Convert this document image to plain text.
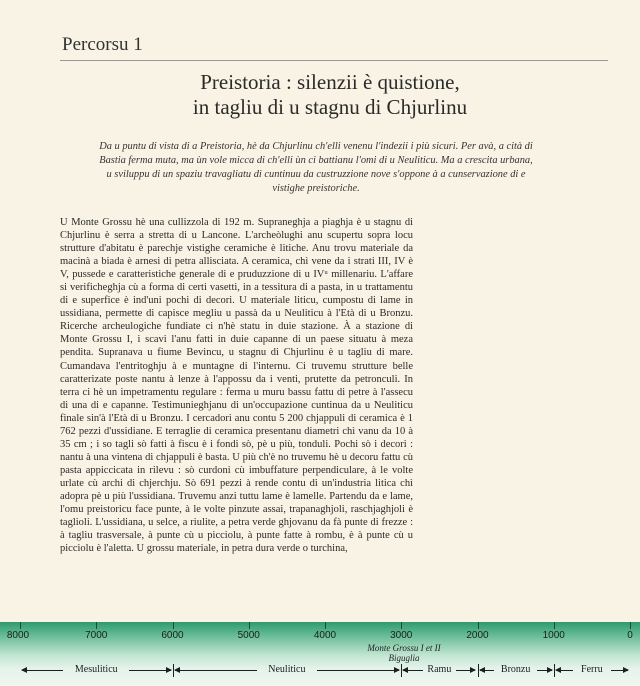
Percorsu 1
Preistoria : silenzii è quistione,
in tagliu di u stagnu di Chjurlinu
Da u puntu di vista di a Preistoria, hè da Chjurlinu ch'elli venenu l'indezii i più sicuri. Per avà, a cità di Bastia ferma muta, ma ùn vole micca di ch'elli ùn ci battianu l'omi di u Neuliticu. Ma a crescita urbana, u sviluppu di un spaziu travagliatu di cuntinuu da custruzzione nove s'oppone à a cunservazione di e vistighe preistoriche.
U Monte Grossu hè una cullizzola di 192 m. Supraneghja a piaghja è u stagnu di Chjurlinu è serra a stretta di u Lancone. L'archeòlughi anu scupertu sopra locu strutture d'abitatu è parechje vistighe ceramiche è litiche. Anu trovu materiale da macinà a biada è arnesi di petra allisciata. A ceramica, chì vene da i strati III, IV è V, pussede e caratteristiche generale di e pruduzzione di u IVᵘ millenariu. L'affare si verificheghja cù a forma di certi vasetti, in a tessitura di a pasta, in u trattamentu di e superfice è ind'uni pochi di decori. U materiale liticu, cumpostu di lame in ussidiana, permette di capisce megliu u passà da u Neuliticu à l'Età di u Bronzu. Ricerche archeulogiche fundiate ci n'hè statu in duie stazione. À a stazione di Monte Grossu I, i scavi l'anu fatti in duie capanne di un paese situatu à meza pendita. Supranava u fiume Bevincu, u stagnu di Chjurlinu è u tagliu di mare. Cumandava l'entritoghju à e muntagne di l'internu. Ci truvemu strutture belle caratterizate poste nantu à lenze à l'appossu da i venti, prutette da petronculi. In terra ci hè un impetramentu regulare : ferma u muru bassu fattu di petre à l'assecu di una di e capanne. Testimunieghjanu di un'occupazione cuntinua da u Neuliticu finale sin'à l'Età di u Bronzu. I cercadori anu contu 5 200 chjappuli di ceramica è 1 762 pezzi d'ussidiane. E terraglie di ceramica presentanu diametri chì vanu da 10 à 35 cm ; i so tagli sò fatti à fiscu è i fondi sò, pè u più, tonduli. Pochi sò i decori : nantu à una vintena di chjappuli è basta. U più ch'è no truvemu hè u decoru fattu cù pasta appiccicata in rilevu : sò curdoni cù imbuffature perpendiculare, à le volte urlate cù archi di chjerchju. Sò 691 pezzi à rende contu di un'industria litica chì adopra pè u più l'ussidiana. Truvemu anzi tuttu lame è lamelle. Partendu da e lame, l'omu preistoricu face punte, à le volte pinzute assai, trapanaghjoli, raschjaghjoli è taglioli. L'ussidiana, u selce, a riulite, a petra verde ghjovanu da fà punte di frezze : à tagliu trasversale, à punte cù u picciolu, à punte fatte à rombu, è à punte cù u picciolu è l'aletta. U grossu materiale, in petra dura verde o turchina,
8000	7000	6000	5000	4000	3000	2000	1000	0
Monte Grossu I et II
Biguglia
Mesuliticu	Neuliticu	Ramu	Bronzu	Ferru
